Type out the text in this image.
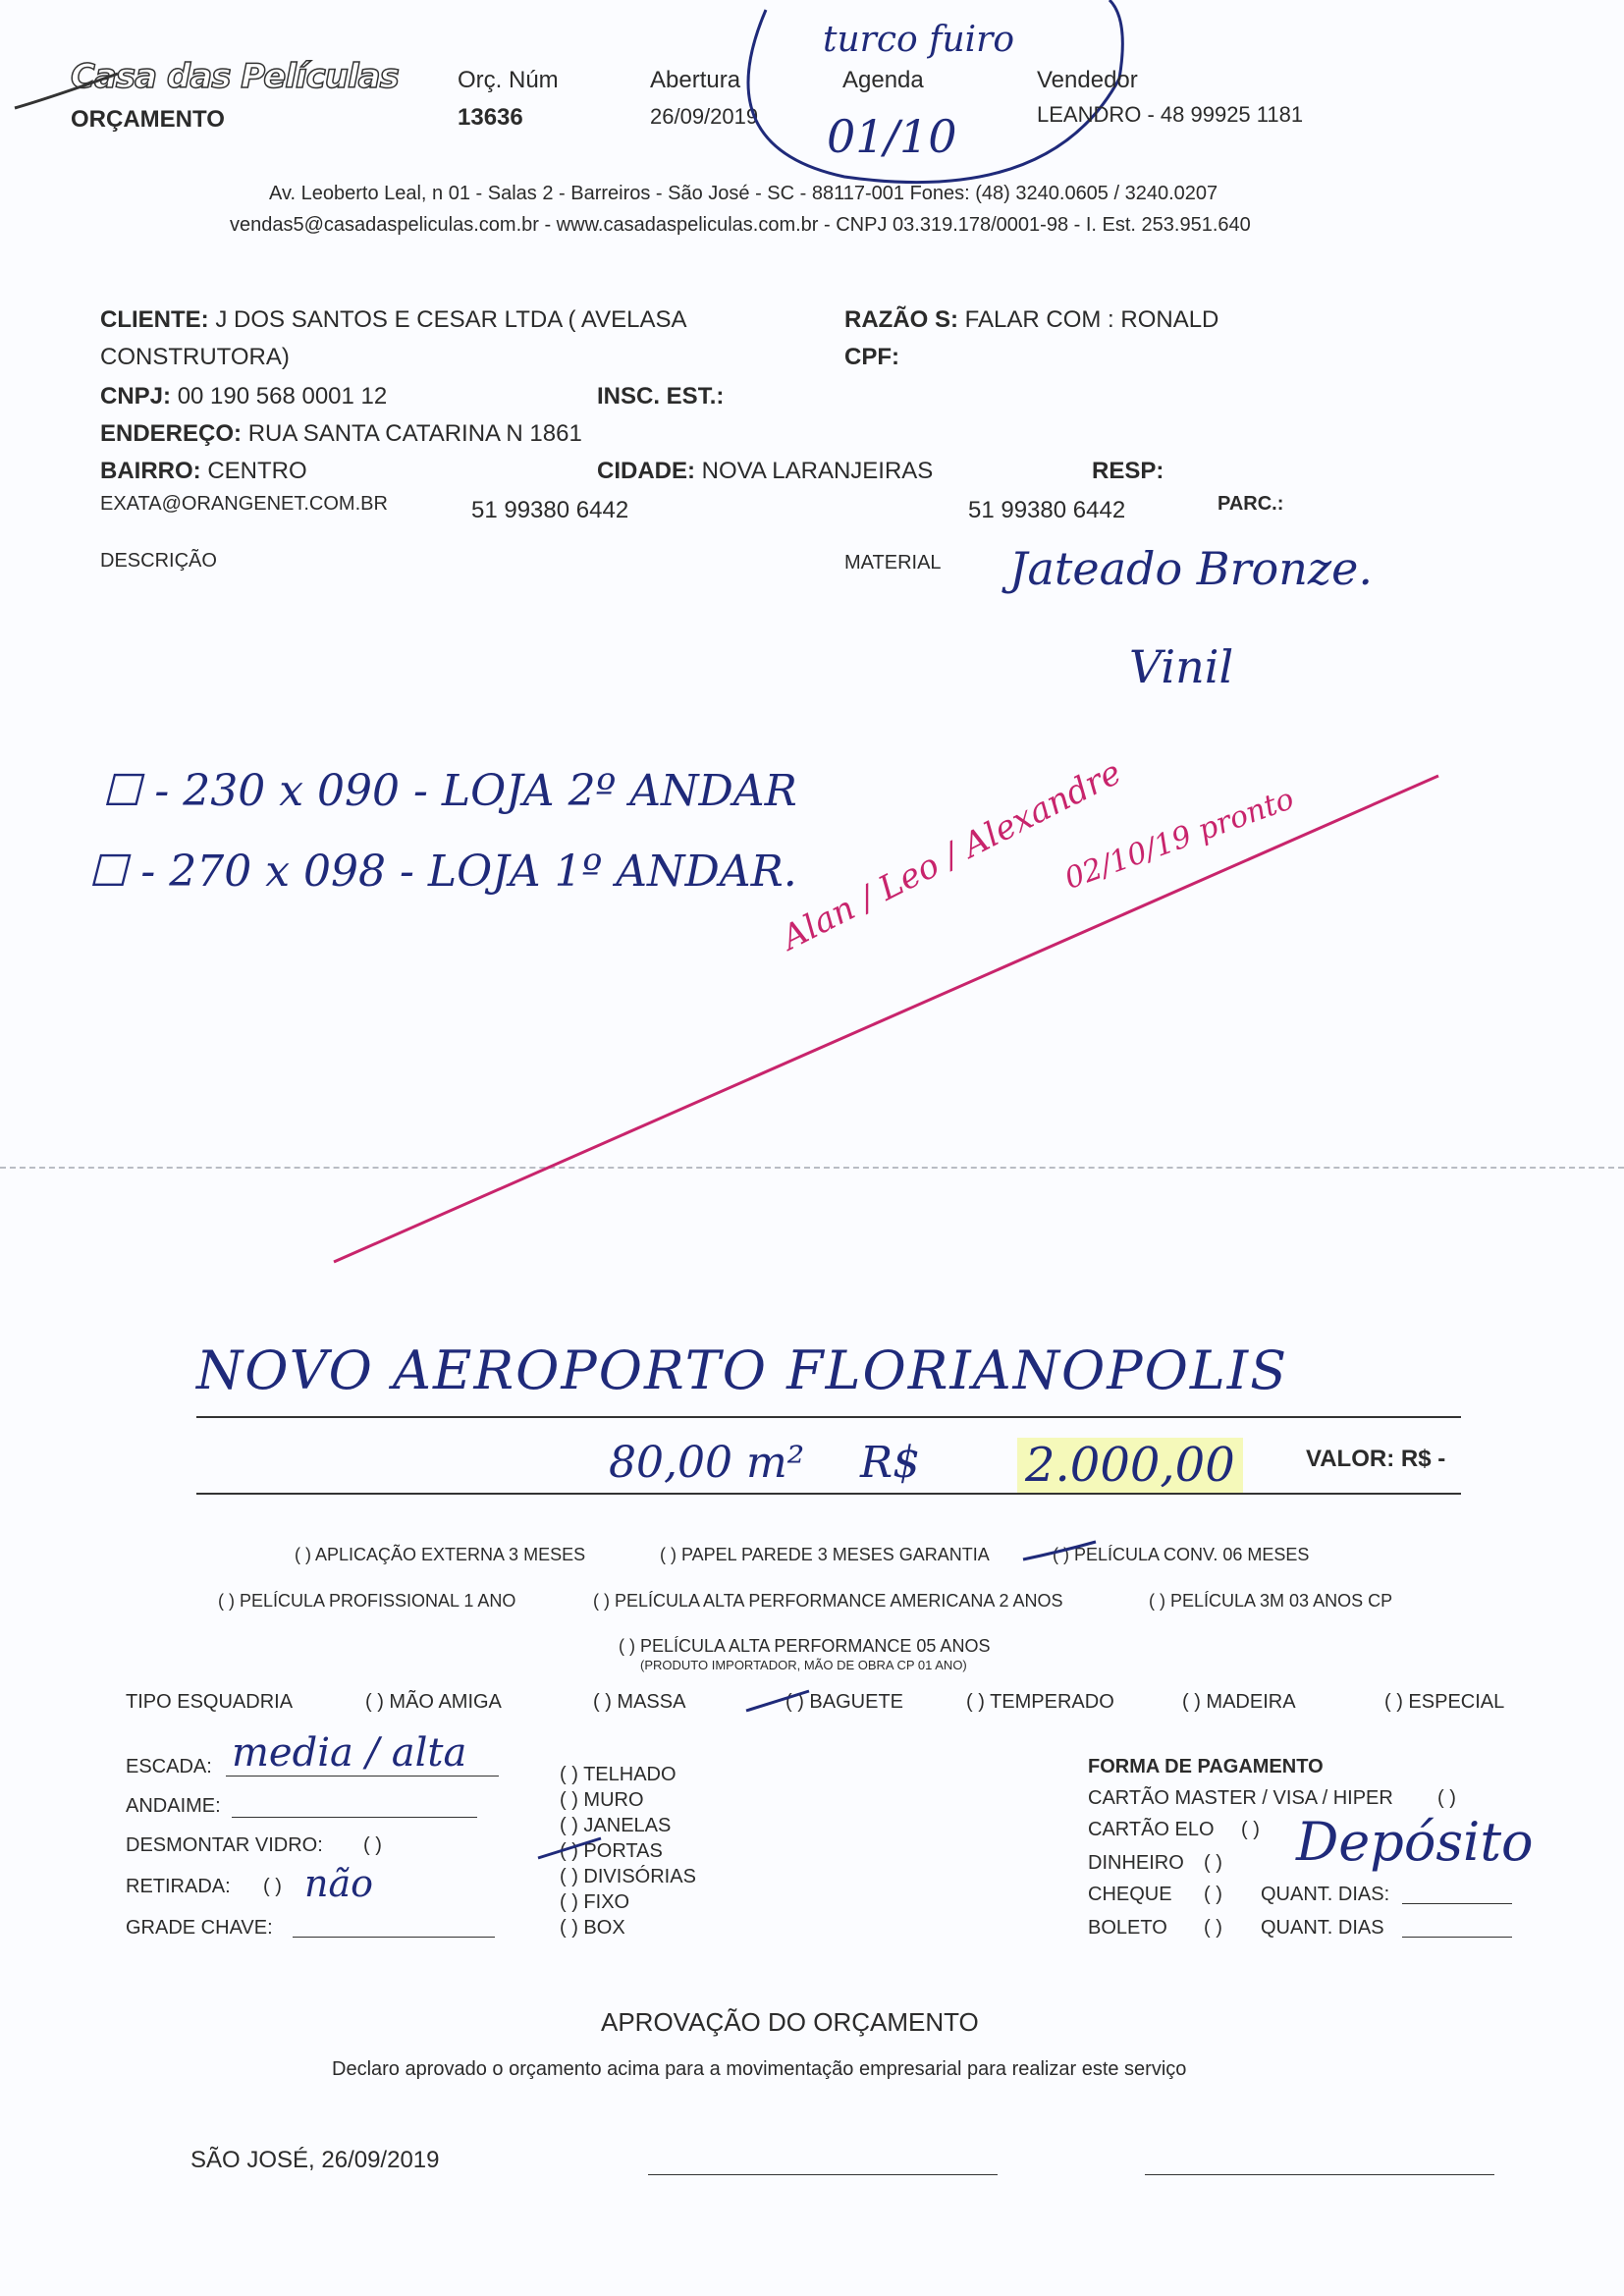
Casa das Películas
ORÇAMENTO
Orç. Núm
13636
Abertura
26/09/2019
Agenda
01/10
turco fuiro
Vendedor
LEANDRO - 48 99925 1181
Av. Leoberto Leal, n 01 - Salas 2 - Barreiros - São José - SC - 88117-001 Fones: (48) 3240.0605 / 3240.0207
vendas5@casadaspeliculas.com.br - www.casadaspeliculas.com.br - CNPJ 03.319.178/0001-98 - I. Est. 253.951.640
CLIENTE: J DOS SANTOS E CESAR LTDA ( AVELASA
CONSTRUTORA)
RAZÃO S: FALAR COM : RONALD
CPF:
CNPJ: 00 190 568 0001 12	INSC. EST.:
ENDEREÇO: RUA SANTA CATARINA N 1861
BAIRRO: CENTRO	CIDADE: NOVA LARANJEIRAS	RESP:
EXATA@ORANGENET.COM.BR	51 99380 6442	51 99380 6442	PARC.:
DESCRIÇÃO	MATERIAL Jateado Bronze.
Vinil
☐ - 230 x 090 - LOJA 2º ANDAR
☐ - 270 x 098 - LOJA 1º ANDAR.
Alan / Leo / Alexandre
02/10/19 pronto
NOVO AEROPORTO FLORIANOPOLIS
80,00 m² R$ 2.000,00	VALOR: R$ -
( ) APLICAÇÃO EXTERNA 3 MESES	( ) PAPEL PAREDE 3 MESES GARANTIA	( ) PELÍCULA CONV. 06 MESES
( ) PELÍCULA PROFISSIONAL 1 ANO	( ) PELÍCULA ALTA PERFORMANCE AMERICANA 2 ANOS	( ) PELÍCULA 3M 03 ANOS CP
( ) PELÍCULA ALTA PERFORMANCE 05 ANOS
(PRODUTO IMPORTADOR, MÃO DE OBRA CP 01 ANO)
TIPO ESQUADRIA	( ) MÃO AMIGA	( ) MASSA	( ) BAGUETE	( ) TEMPERADO	( ) MADEIRA	( ) ESPECIAL
ESCADA: media / alta
ANDAIME:
DESMONTAR VIDRO: ( )
RETIRADA: ( ) não
GRADE CHAVE:
( ) TELHADO
( ) MURO
( ) JANELAS
( ) PORTAS
( ) DIVISÓRIAS
( ) FIXO
( ) BOX
FORMA DE PAGAMENTO
CARTÃO MASTER / VISA / HIPER ( )
CARTÃO ELO ( )
DINHEIRO ( ) Depósito
CHEQUE ( ) QUANT. DIAS:
BOLETO ( ) QUANT. DIAS
APROVAÇÃO DO ORÇAMENTO
Declaro aprovado o orçamento acima para a movimentação empresarial para realizar este serviço
SÃO JOSÉ, 26/09/2019
